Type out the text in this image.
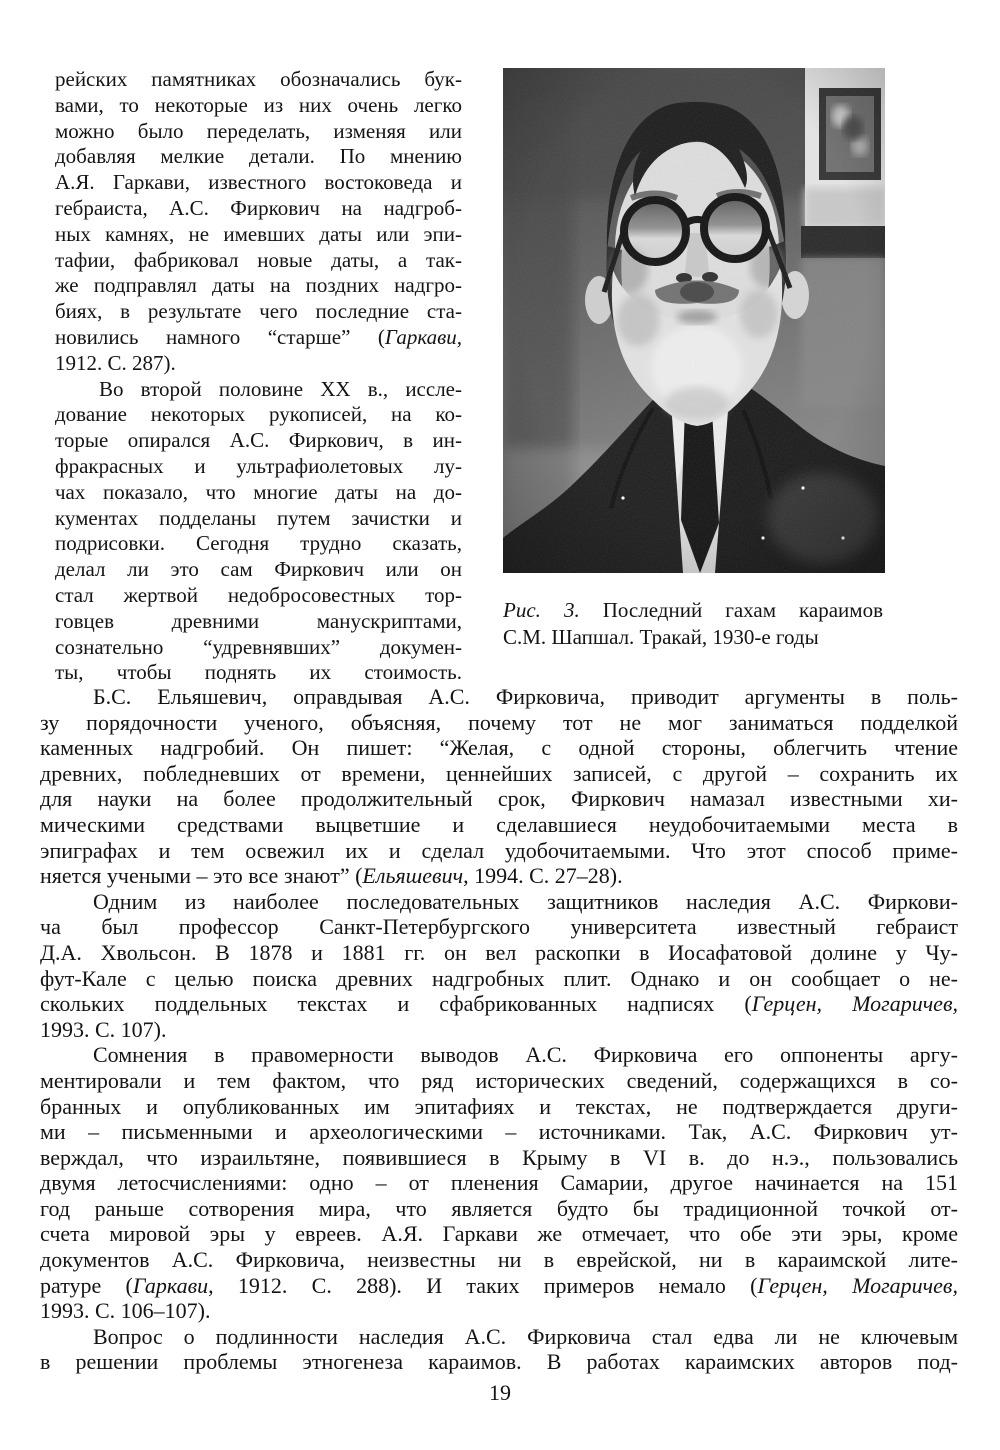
рейских памятниках обозначались бук-
вами, то некоторые из них очень легко
можно было переделать, изменяя или
добавляя мелкие детали. По мнению
А.Я. Гаркави, известного востоковеда и
гебраиста, А.С. Фиркович на надгроб-
ных камнях, не имевших даты или эпи-
тафии, фабриковал новые даты, а так-
же подправлял даты на поздних надгро-
биях, в результате чего последние ста-
новились намного “старше” (Гаркави,
1912. С. 287).
Во второй половине XX в., иссле-
дование некоторых рукописей, на ко-
торые опирался А.С. Фиркович, в ин-
фракрасных и ультрафиолетовых лу-
чах показало, что многие даты на до-
кументах подделаны путем зачистки и
подрисовки. Сегодня трудно сказать,
делал ли это сам Фиркович или он
стал жертвой недобросовестных тор-
говцев древними манускриптами,
сознательно “удревнявших” докумен-
ты, чтобы поднять их стоимость.
Рис. 3. Последний гахам караимов
С.М. Шапшал. Тракай, 1930-е годы
Б.С. Ельяшевич, оправдывая А.С. Фирковича, приводит аргументы в поль-
зу порядочности ученого, объясняя, почему тот не мог заниматься подделкой
каменных надгробий. Он пишет: “Желая, с одной стороны, облегчить чтение
древних, побледневших от времени, ценнейших записей, с другой – сохранить их
для науки на более продолжительный срок, Фиркович намазал известными хи-
мическими средствами выцветшие и сделавшиеся неудобочитаемыми места в
эпиграфах и тем освежил их и сделал удобочитаемыми. Что этот способ приме-
няется учеными – это все знают” (Ельяшевич, 1994. С. 27–28).
Одним из наиболее последовательных защитников наследия А.С. Фиркови-
ча был профессор Санкт-Петербургского университета известный гебраист
Д.А. Хвольсон. В 1878 и 1881 гг. он вел раскопки в Иосафатовой долине у Чу-
фут-Кале с целью поиска древних надгробных плит. Однако и он сообщает о не-
скольких поддельных текстах и сфабрикованных надписях (Герцен, Могаричев,
1993. С. 107).
Сомнения в правомерности выводов А.С. Фирковича его оппоненты аргу-
ментировали и тем фактом, что ряд исторических сведений, содержащихся в со-
бранных и опубликованных им эпитафиях и текстах, не подтверждается други-
ми – письменными и археологическими – источниками. Так, А.С. Фиркович ут-
верждал, что израильтяне, появившиеся в Крыму в VI в. до н.э., пользовались
двумя летосчислениями: одно – от пленения Самарии, другое начинается на 151
год раньше сотворения мира, что является будто бы традиционной точкой от-
счета мировой эры у евреев. А.Я. Гаркави же отмечает, что обе эти эры, кроме
документов А.С. Фирковича, неизвестны ни в еврейской, ни в караимской лите-
ратуре (Гаркави, 1912. С. 288). И таких примеров немало (Герцен, Могаричев,
1993. С. 106–107).
Вопрос о подлинности наследия А.С. Фирковича стал едва ли не ключевым
в решении проблемы этногенеза караимов. В работах караимских авторов под-
19
